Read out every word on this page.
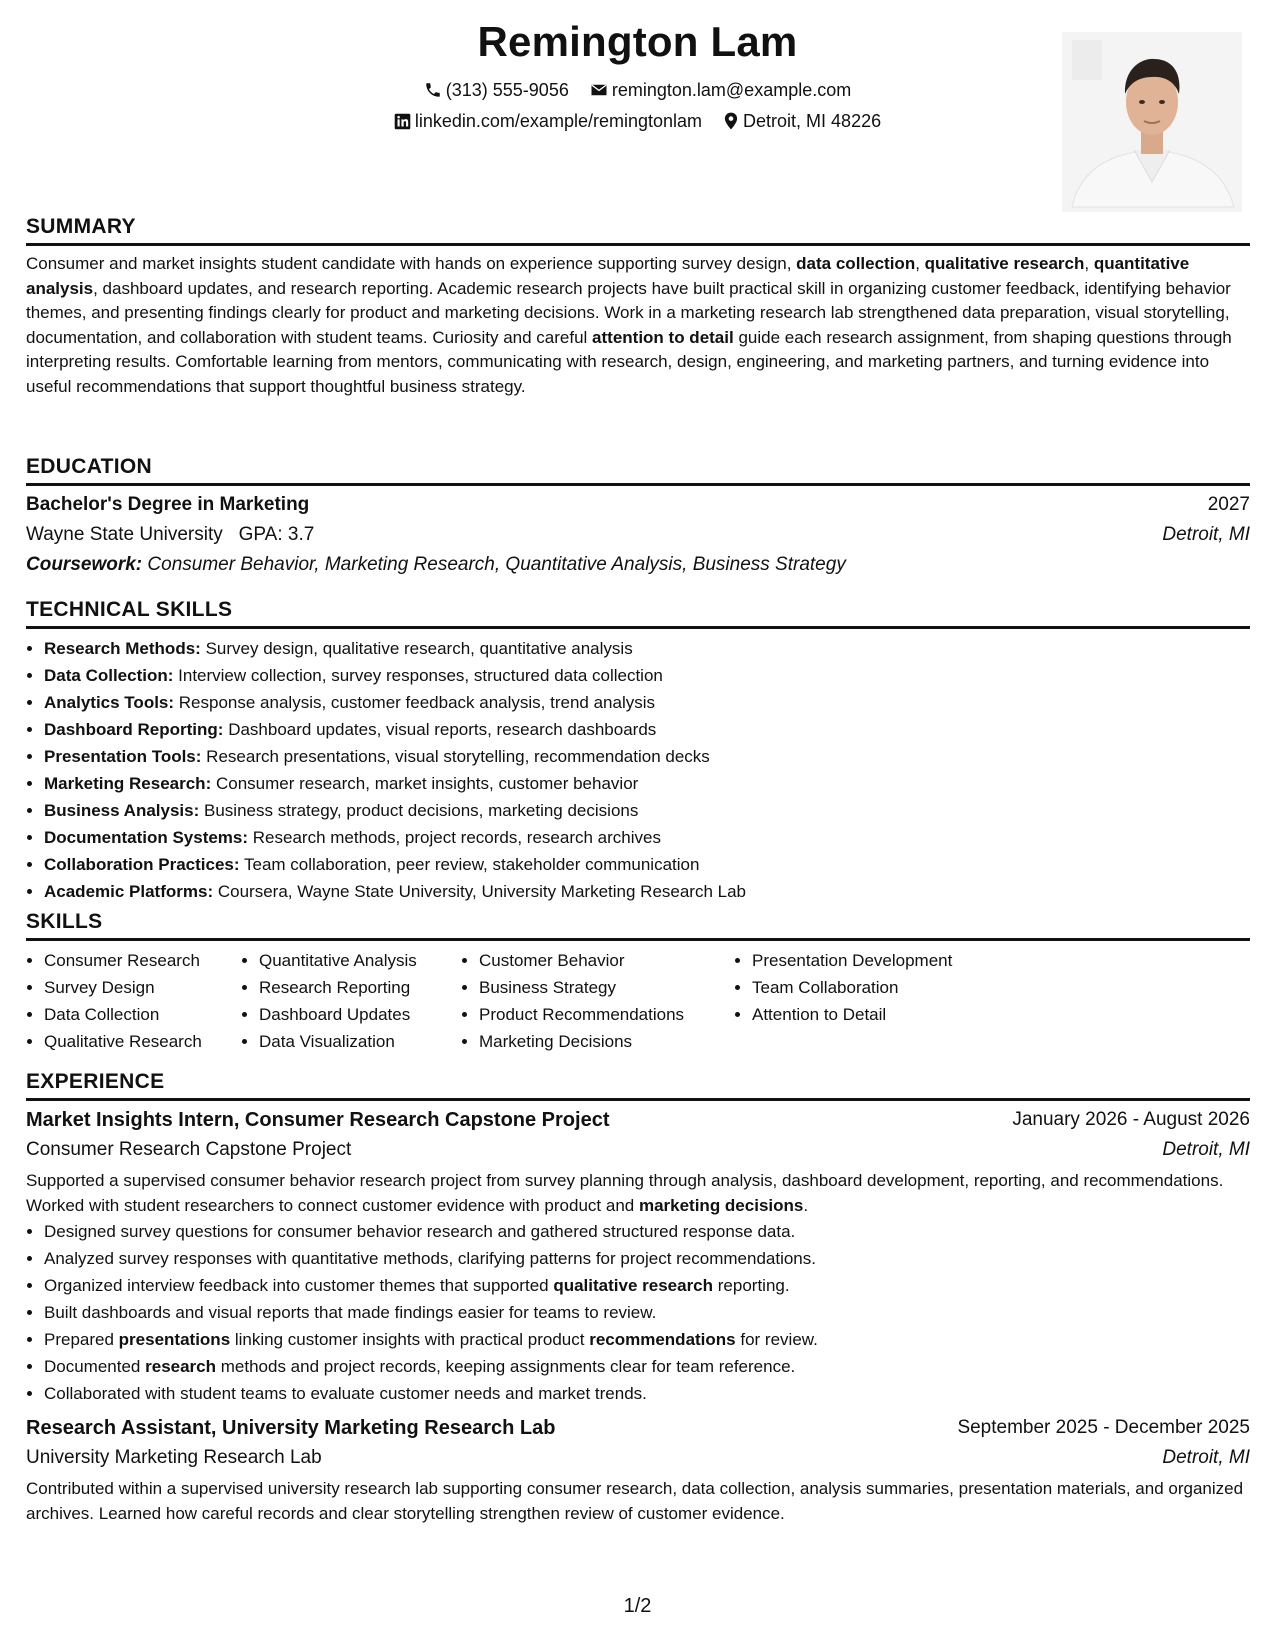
Remington Lam
(313) 555-9056 remington.lam@example.com
linkedin.com/example/remingtonlam Detroit, MI 48226
SUMMARY
Consumer and market insights student candidate with hands on experience supporting survey design, data collection, qualitative research, quantitative analysis, dashboard updates, and research reporting. Academic research projects have built practical skill in organizing customer feedback, identifying behavior themes, and presenting findings clearly for product and marketing decisions. Work in a marketing research lab strengthened data preparation, visual storytelling, documentation, and collaboration with student teams. Curiosity and careful attention to detail guide each research assignment, from shaping questions through interpreting results. Comfortable learning from mentors, communicating with research, design, engineering, and marketing partners, and turning evidence into useful recommendations that support thoughtful business strategy.
EDUCATION
Bachelor's Degree in Marketing	2027
Wayne State University GPA: 3.7	Detroit, MI
Coursework: Consumer Behavior, Marketing Research, Quantitative Analysis, Business Strategy
TECHNICAL SKILLS
• Research Methods: Survey design, qualitative research, quantitative analysis
• Data Collection: Interview collection, survey responses, structured data collection
• Analytics Tools: Response analysis, customer feedback analysis, trend analysis
• Dashboard Reporting: Dashboard updates, visual reports, research dashboards
• Presentation Tools: Research presentations, visual storytelling, recommendation decks
• Marketing Research: Consumer research, market insights, customer behavior
• Business Analysis: Business strategy, product decisions, marketing decisions
• Documentation Systems: Research methods, project records, research archives
• Collaboration Practices: Team collaboration, peer review, stakeholder communication
• Academic Platforms: Coursera, Wayne State University, University Marketing Research Lab
SKILLS
• Consumer Research
• Survey Design
• Data Collection
• Qualitative Research
• Quantitative Analysis
• Research Reporting
• Dashboard Updates
• Data Visualization
• Customer Behavior
• Business Strategy
• Product Recommendations
• Marketing Decisions
• Presentation Development
• Team Collaboration
• Attention to Detail
EXPERIENCE
Market Insights Intern, Consumer Research Capstone Project	January 2026 - August 2026
Consumer Research Capstone Project	Detroit, MI
Supported a supervised consumer behavior research project from survey planning through analysis, dashboard development, reporting, and recommendations. Worked with student researchers to connect customer evidence with product and marketing decisions.
• Designed survey questions for consumer behavior research and gathered structured response data.
• Analyzed survey responses with quantitative methods, clarifying patterns for project recommendations.
• Organized interview feedback into customer themes that supported qualitative research reporting.
• Built dashboards and visual reports that made findings easier for teams to review.
• Prepared presentations linking customer insights with practical product recommendations for review.
• Documented research methods and project records, keeping assignments clear for team reference.
• Collaborated with student teams to evaluate customer needs and market trends.
Research Assistant, University Marketing Research Lab	September 2025 - December 2025
University Marketing Research Lab	Detroit, MI
Contributed within a supervised university research lab supporting consumer research, data collection, analysis summaries, presentation materials, and organized archives. Learned how careful records and clear storytelling strengthen review of customer evidence.
1/2
